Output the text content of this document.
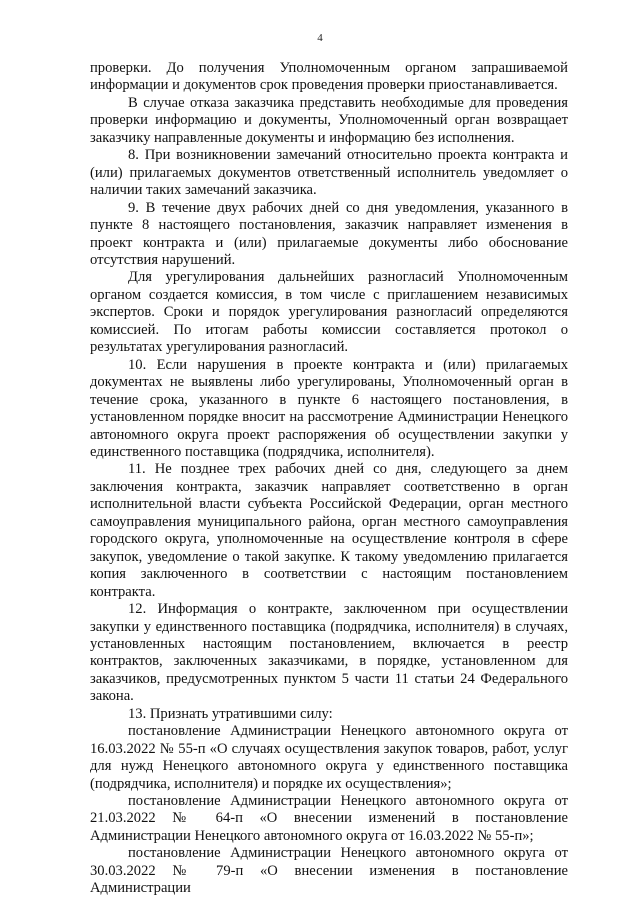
4

проверки. До получения Уполномоченным органом запрашиваемой информации и документов срок проведения проверки приостанавливается.

В случае отказа заказчика представить необходимые для проведения проверки информацию и документы, Уполномоченный орган возвращает заказчику направленные документы и информацию без исполнения.

8. При возникновении замечаний относительно проекта контракта и (или) прилагаемых документов ответственный исполнитель уведомляет о наличии таких замечаний заказчика.

9. В течение двух рабочих дней со дня уведомления, указанного в пункте 8 настоящего постановления, заказчик направляет изменения в проект контракта и (или) прилагаемые документы либо обоснование отсутствия нарушений.

Для урегулирования дальнейших разногласий Уполномоченным органом создается комиссия, в том числе с приглашением независимых экспертов. Сроки и порядок урегулирования разногласий определяются комиссией. По итогам работы комиссии составляется протокол о результатах урегулирования разногласий.

10. Если нарушения в проекте контракта и (или) прилагаемых документах не выявлены либо урегулированы, Уполномоченный орган в течение срока, указанного в пункте 6 настоящего постановления, в установленном порядке вносит на рассмотрение Администрации Ненецкого автономного округа проект распоряжения об осуществлении закупки у единственного поставщика (подрядчика, исполнителя).

11. Не позднее трех рабочих дней со дня, следующего за днем заключения контракта, заказчик направляет соответственно в орган исполнительной власти субъекта Российской Федерации, орган местного самоуправления муниципального района, орган местного самоуправления городского округа, уполномоченные на осуществление контроля в сфере закупок, уведомление о такой закупке. К такому уведомлению прилагается копия заключенного в соответствии с настоящим постановлением контракта.

12. Информация о контракте, заключенном при осуществлении закупки у единственного поставщика (подрядчика, исполнителя) в случаях, установленных настоящим постановлением, включается в реестр контрактов, заключенных заказчиками, в порядке, установленном для заказчиков, предусмотренных пунктом 5 части 11 статьи 24 Федерального закона.

13. Признать утратившими силу:

постановление Администрации Ненецкого автономного округа от 16.03.2022 № 55-п «О случаях осуществления закупок товаров, работ, услуг для нужд Ненецкого автономного округа у единственного поставщика (подрядчика, исполнителя) и порядке их осуществления»;

постановление Администрации Ненецкого автономного округа от 21.03.2022 № 64-п «О внесении изменений в постановление Администрации Ненецкого автономного округа от 16.03.2022 № 55-п»;

постановление Администрации Ненецкого автономного округа от 30.03.2022 № 79-п «О внесении изменения в постановление Администрации
